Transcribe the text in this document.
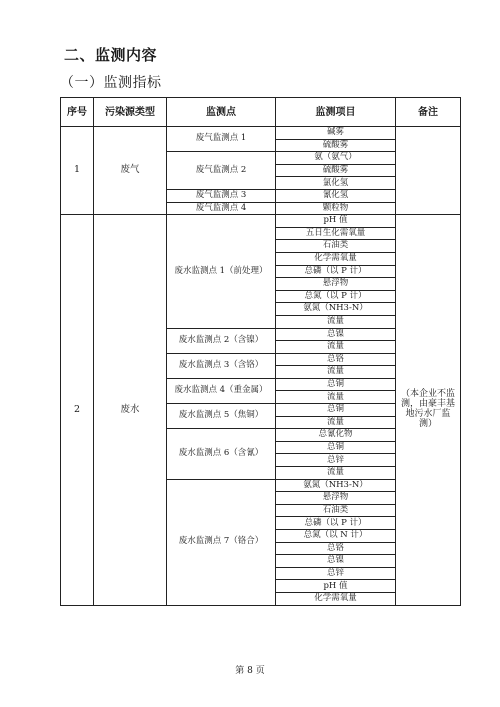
二、监测内容
（一）监测指标
序号	污染源类型	监测点	监测项目	备注
1	废气	废气监测点 1	碱雾	
			硫酸雾	
		废气监测点 2	氨（氨气）	
			硫酸雾	
			氯化氢	
		废气监测点 3	氰化氢	
		废气监测点 4	颗粒物	
2	废水	废水监测点 1（前处理）	pH 值	（本企业不监测，由豪丰基地污水厂监测）
			五日生化需氧量	
			石油类	
			化学需氧量	
			总磷（以 P 计）	
			悬浮物	
			总氮（以 P 计）	
			氨氮（NH3-N）	
			流量	
		废水监测点 2（含镍）	总镍	
			流量	
		废水监测点 3（含铬）	总铬	
			流量	
		废水监测点 4（重金属）	总铜	
			流量	
		废水监测点 5（焦铜）	总铜	
			流量	
		废水监测点 6（含氰）	总氰化物	
			总铜	
			总锌	
			流量	
		废水监测点 7（铬合）	氨氮（NH3-N）	
			悬浮物	
			石油类	
			总磷（以 P 计）	
			总氮（以 N 计）	
			总铬	
			总镍	
			总锌	
			pH 值	
			化学需氧量	
第 8 页
